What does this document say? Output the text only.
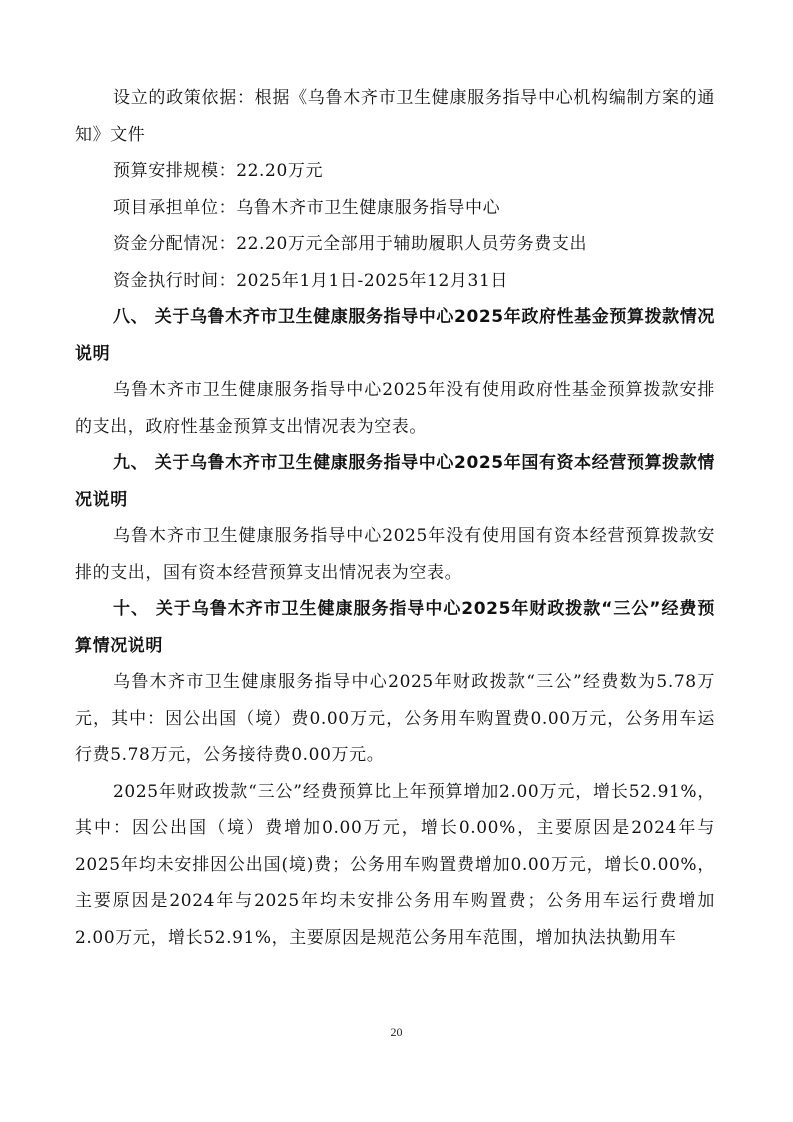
设立的政策依据：根据《乌鲁木齐市卫生健康服务指导中心机构编制方案的通知》文件

预算安排规模：22.20万元

项目承担单位：乌鲁木齐市卫生健康服务指导中心

资金分配情况：22.20万元全部用于辅助履职人员劳务费支出

资金执行时间：2025年1月1日-2025年12月31日

八、 关于乌鲁木齐市卫生健康服务指导中心2025年政府性基金预算拨款情况说明

乌鲁木齐市卫生健康服务指导中心2025年没有使用政府性基金预算拨款安排的支出，政府性基金预算支出情况表为空表。

九、 关于乌鲁木齐市卫生健康服务指导中心2025年国有资本经营预算拨款情况说明

乌鲁木齐市卫生健康服务指导中心2025年没有使用国有资本经营预算拨款安排的支出，国有资本经营预算支出情况表为空表。

十、 关于乌鲁木齐市卫生健康服务指导中心2025年财政拨款“三公”经费预算情况说明

乌鲁木齐市卫生健康服务指导中心2025年财政拨款“三公”经费数为5.78万元，其中：因公出国（境）费0.00万元，公务用车购置费0.00万元，公务用车运行费5.78万元，公务接待费0.00万元。

2025年财政拨款“三公”经费预算比上年预算增加2.00万元，增长52.91%，其中：因公出国（境）费增加0.00万元，增长0.00%，主要原因是2024年与2025年均未安排因公出国(境)费；公务用车购置费增加0.00万元，增长0.00%，主要原因是2024年与2025年均未安排公务用车购置费；公务用车运行费增加2.00万元，增长52.91%，主要原因是规范公务用车范围，增加执法执勤用车

20
